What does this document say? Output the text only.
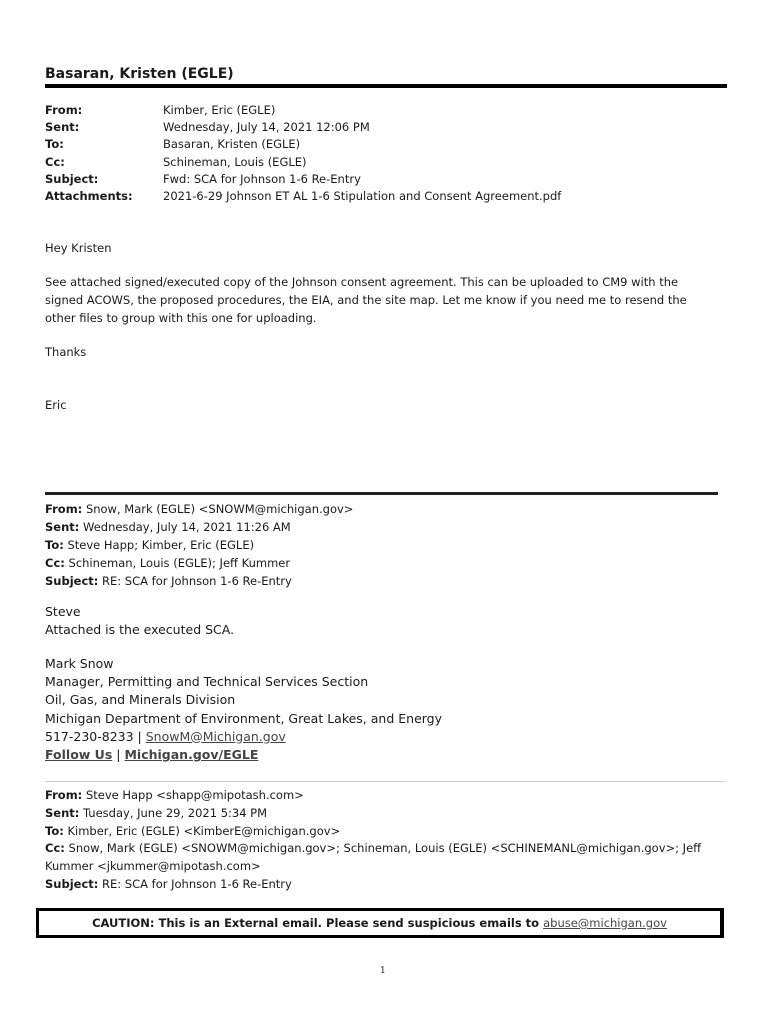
Basaran, Kristen (EGLE)
From:	Kimber, Eric (EGLE)
Sent:	Wednesday, July 14, 2021 12:06 PM
To:	Basaran, Kristen (EGLE)
Cc:	Schineman, Louis (EGLE)
Subject:	Fwd: SCA for Johnson 1-6 Re-Entry
Attachments:	2021-6-29 Johnson ET AL 1-6 Stipulation and Consent Agreement.pdf
Hey Kristen
See attached signed/executed copy of the Johnson consent agreement. This can be uploaded to CM9 with the signed ACOWS, the proposed procedures, the EIA, and the site map. Let me know if you need me to resend the other files to group with this one for uploading.
Thanks
Eric
From: Snow, Mark (EGLE) <SNOWM@michigan.gov>
Sent: Wednesday, July 14, 2021 11:26 AM
To: Steve Happ; Kimber, Eric (EGLE)
Cc: Schineman, Louis (EGLE); Jeff Kummer
Subject: RE: SCA for Johnson 1-6 Re-Entry
Steve
Attached is the executed SCA.
Mark Snow
Manager, Permitting and Technical Services Section
Oil, Gas, and Minerals Division
Michigan Department of Environment, Great Lakes, and Energy
517-230-8233 | SnowM@Michigan.gov
Follow Us | Michigan.gov/EGLE
From: Steve Happ <shapp@mipotash.com>
Sent: Tuesday, June 29, 2021 5:34 PM
To: Kimber, Eric (EGLE) <KimberE@michigan.gov>
Cc: Snow, Mark (EGLE) <SNOWM@michigan.gov>; Schineman, Louis (EGLE) <SCHINEMANL@michigan.gov>; Jeff Kummer <jkummer@mipotash.com>
Subject: RE: SCA for Johnson 1-6 Re-Entry
CAUTION: This is an External email. Please send suspicious emails to
abuse@michigan.gov
1
